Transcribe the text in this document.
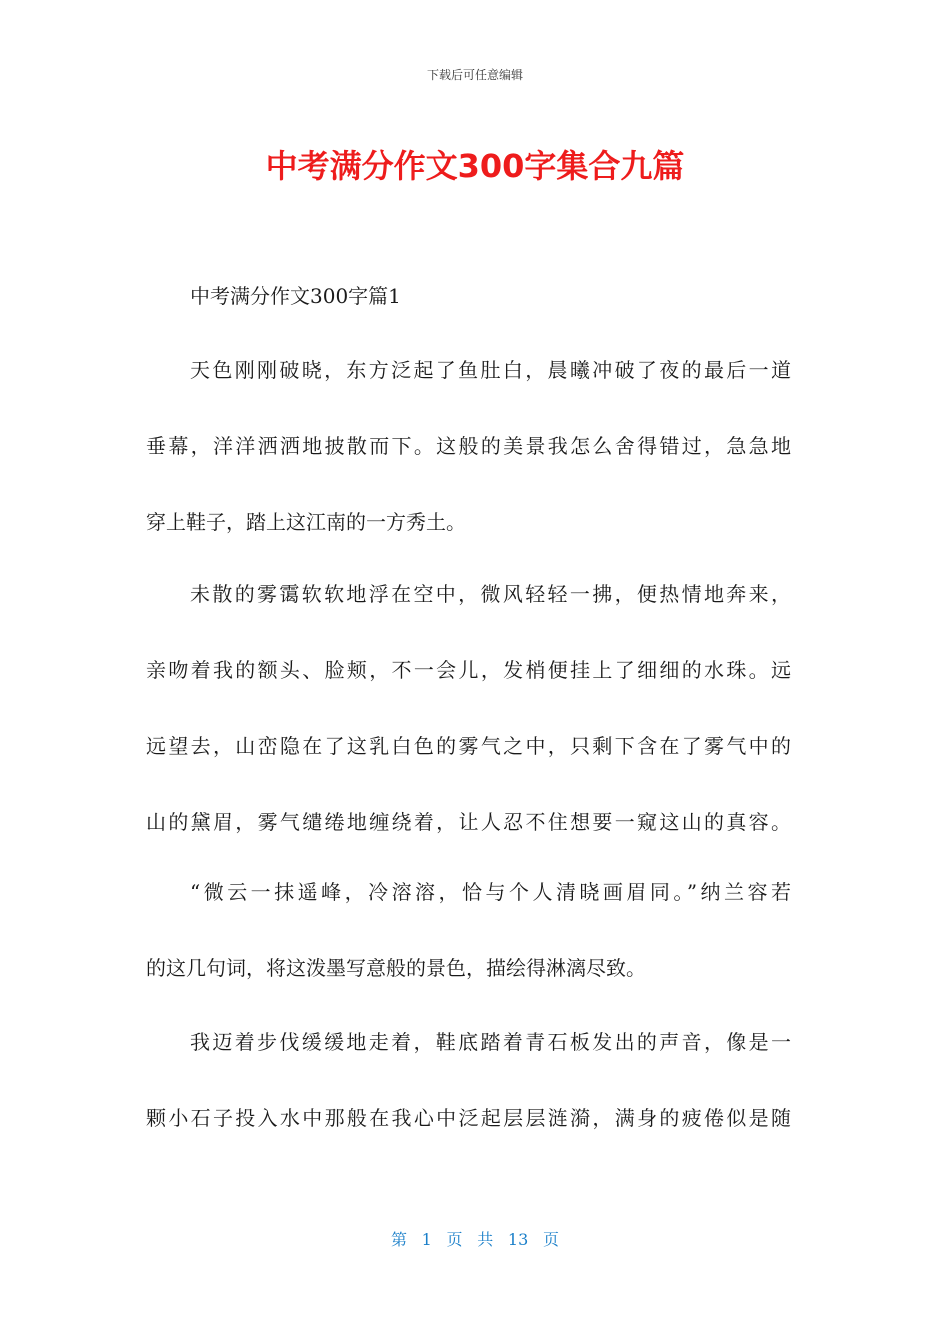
下载后可任意编辑
中考满分作文300字集合九篇

中考满分作文300字篇1

天色刚刚破晓，东方泛起了鱼肚白，晨曦冲破了夜的最后一道
垂幕，洋洋洒洒地披散而下。这般的美景我怎么舍得错过，急急地
穿上鞋子，踏上这江南的一方秀土。
未散的雾霭软软地浮在空中，微风轻轻一拂，便热情地奔来，
亲吻着我的额头、脸颊，不一会儿，发梢便挂上了细细的水珠。远
远望去，山峦隐在了这乳白色的雾气之中，只剩下含在了雾气中的
山的黛眉，雾气缱绻地缠绕着，让人忍不住想要一窥这山的真容。
“微云一抹遥峰，冷溶溶，恰与个人清晓画眉同。”纳兰容若
的这几句词，将这泼墨写意般的景色，描绘得淋漓尽致。
我迈着步伐缓缓地走着，鞋底踏着青石板发出的声音，像是一
颗小石子投入水中那般在我心中泛起层层涟漪，满身的疲倦似是随
第 1 页 共 13 页
